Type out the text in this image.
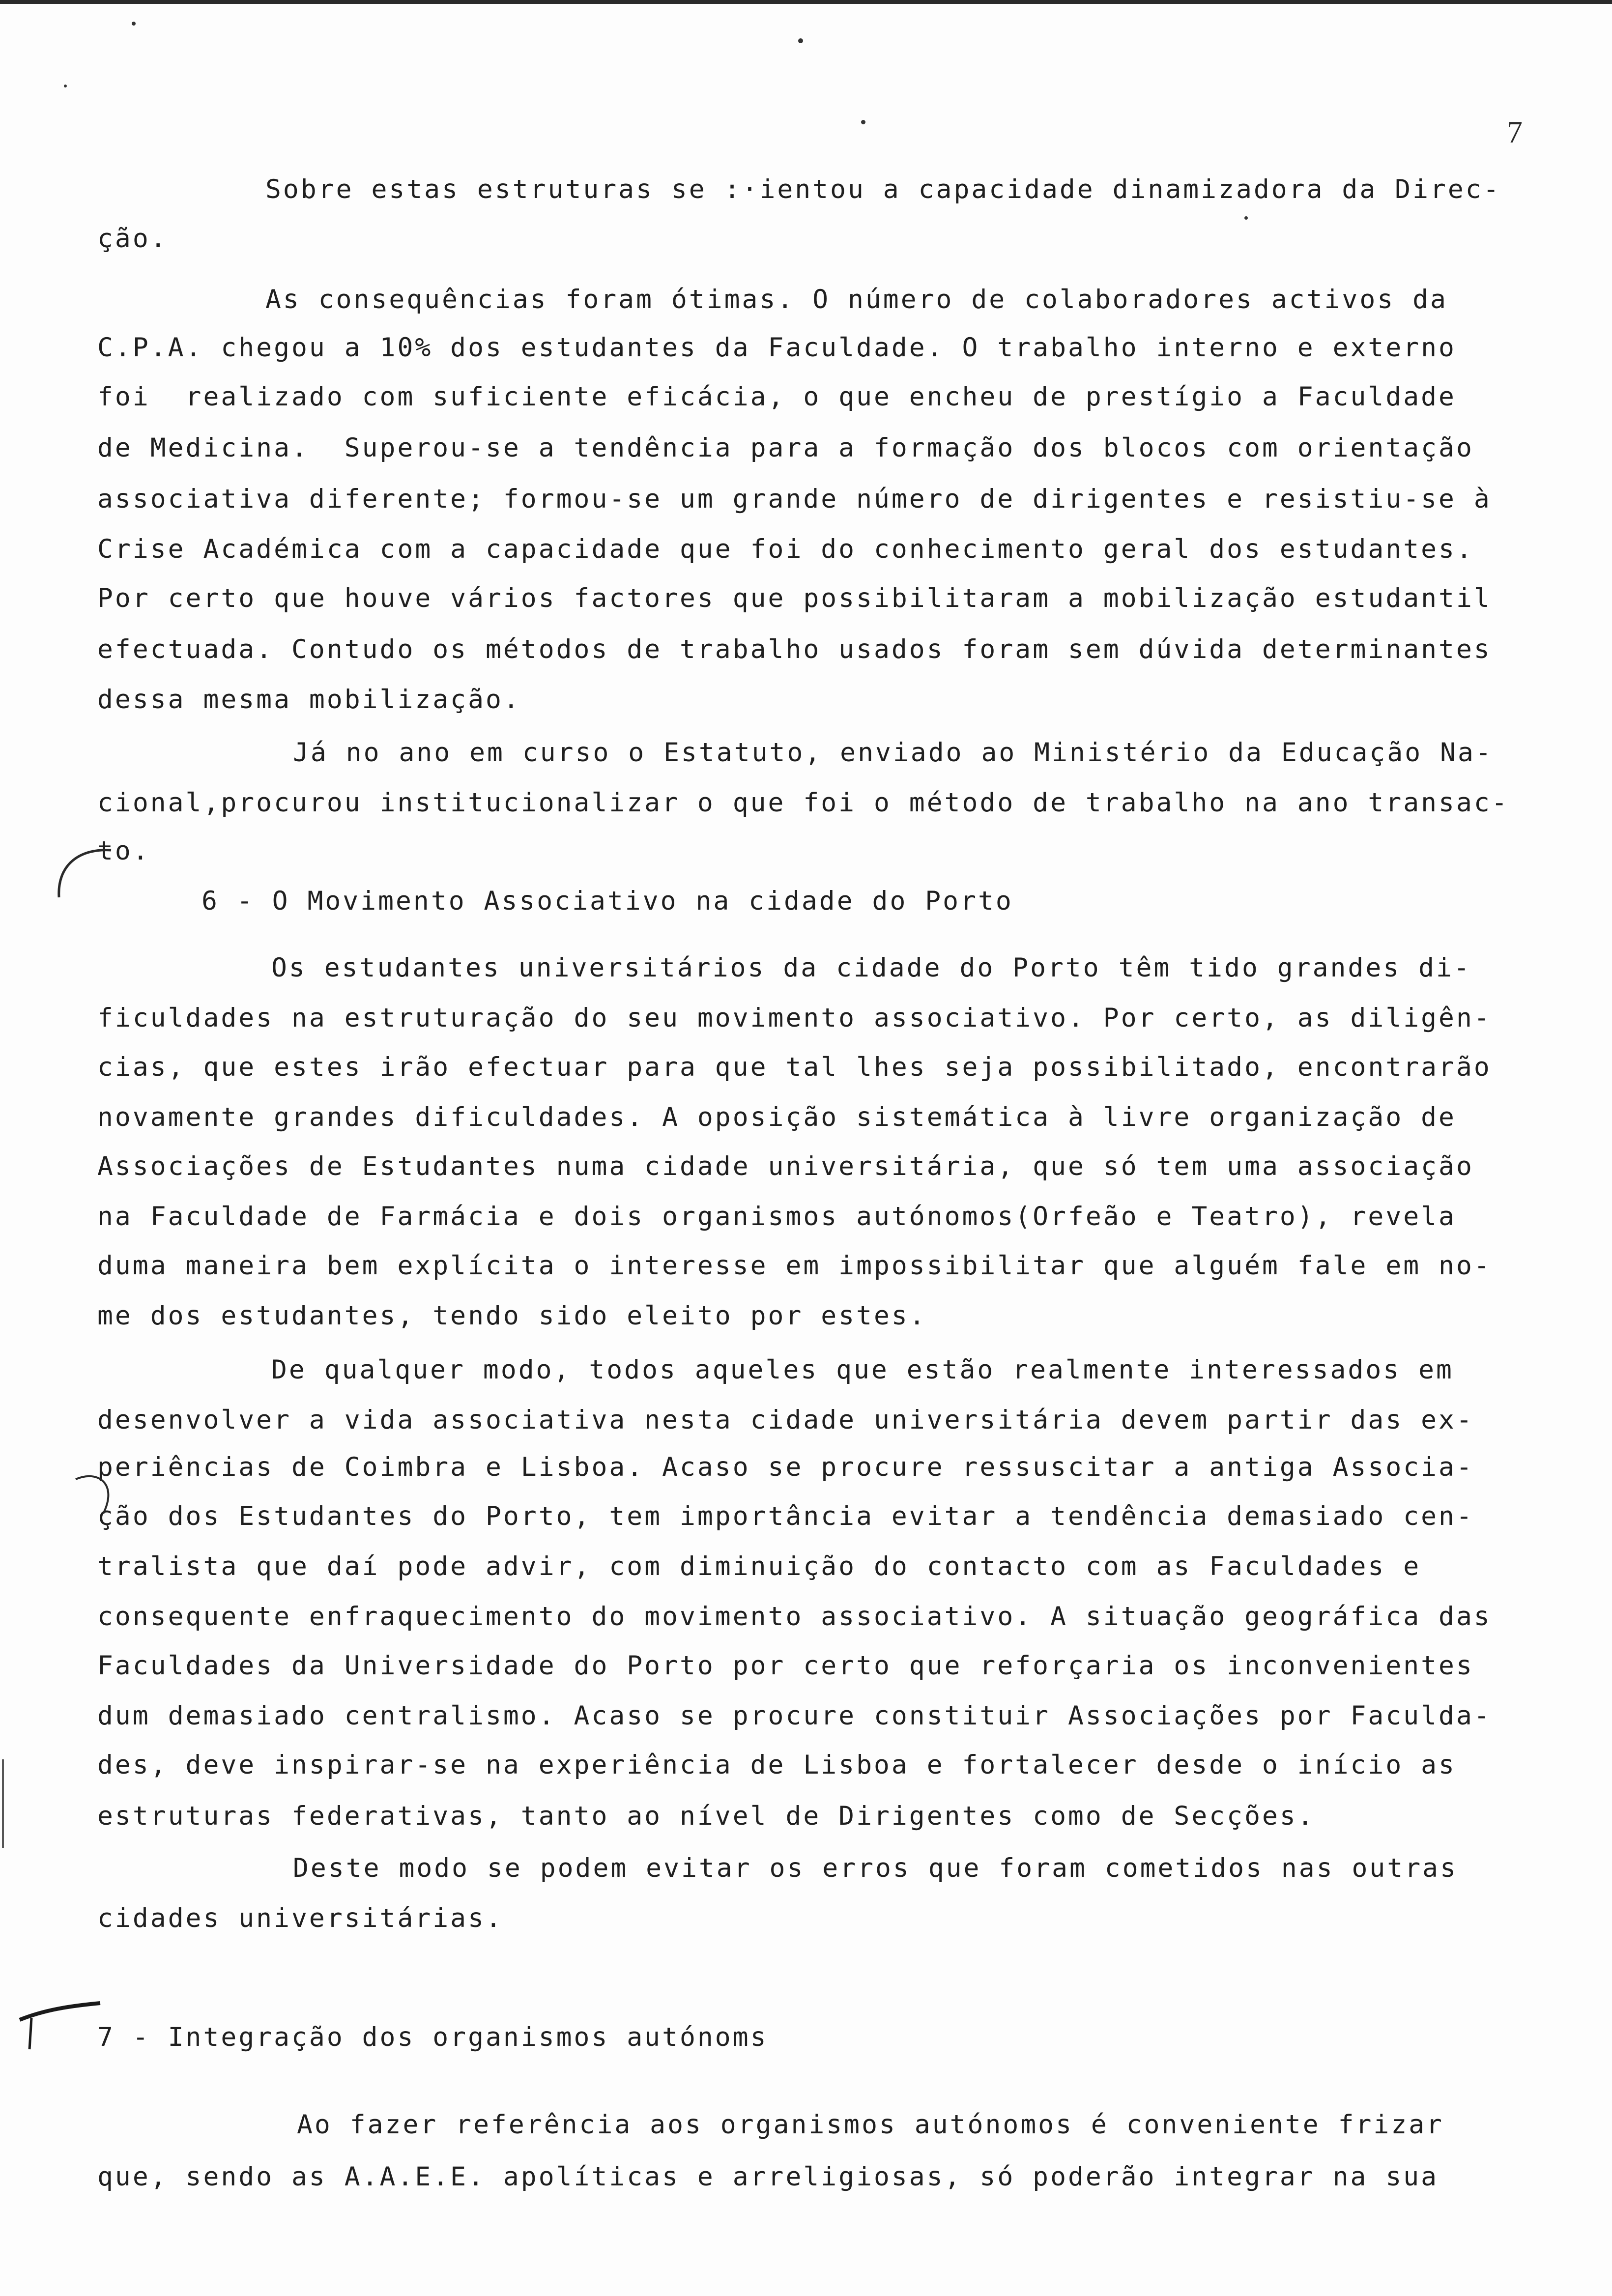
7
Sobre estas estruturas se :·ientou a capacidade dinamizadora da Direc-
ção.
As consequências foram ótimas. O número de colaboradores activos da
C.P.A. chegou a 10% dos estudantes da Faculdade. O trabalho interno e externo
foi  realizado com suficiente eficácia, o que encheu de prestígio a Faculdade
de Medicina.  Superou-se a tendência para a formação dos blocos com orientação
associativa diferente; formou-se um grande número de dirigentes e resistiu-se à
Crise Académica com a capacidade que foi do conhecimento geral dos estudantes.
Por certo que houve vários factores que possibilitaram a mobilização estudantil
efectuada. Contudo os métodos de trabalho usados foram sem dúvida determinantes
dessa mesma mobilização.
Já no ano em curso o Estatuto, enviado ao Ministério da Educação Na-
cional,procurou institucionalizar o que foi o método de trabalho na ano transac-
to.
Os estudantes universitários da cidade do Porto têm tido grandes di-
ficuldades na estruturação do seu movimento associativo. Por certo, as diligên-
cias, que estes irão efectuar para que tal lhes seja possibilitado, encontrarão
novamente grandes dificuldades. A oposição sistemática à livre organização de
Associações de Estudantes numa cidade universitária, que só tem uma associação
na Faculdade de Farmácia e dois organismos autónomos(Orfeão e Teatro), revela
duma maneira bem explícita o interesse em impossibilitar que alguém fale em no-
me dos estudantes, tendo sido eleito por estes.
De qualquer modo, todos aqueles que estão realmente interessados em
desenvolver a vida associativa nesta cidade universitária devem partir das ex-
periências de Coimbra e Lisboa. Acaso se procure ressuscitar a antiga Associa-
ção dos Estudantes do Porto, tem importância evitar a tendência demasiado cen-
tralista que daí pode advir, com diminuição do contacto com as Faculdades e
consequente enfraquecimento do movimento associativo. A situação geográfica das
Faculdades da Universidade do Porto por certo que reforçaria os inconvenientes
dum demasiado centralismo. Acaso se procure constituir Associações por Faculda-
des, deve inspirar-se na experiência de Lisboa e fortalecer desde o início as
estruturas federativas, tanto ao nível de Dirigentes como de Secções.
Deste modo se podem evitar os erros que foram cometidos nas outras
cidades universitárias.
Ao fazer referência aos organismos autónomos é conveniente frizar
que, sendo as A.A.E.E. apolíticas e arreligiosas, só poderão integrar na sua
6 - O Movimento Associativo na cidade do Porto
7 - Integração dos organismos autónoms
